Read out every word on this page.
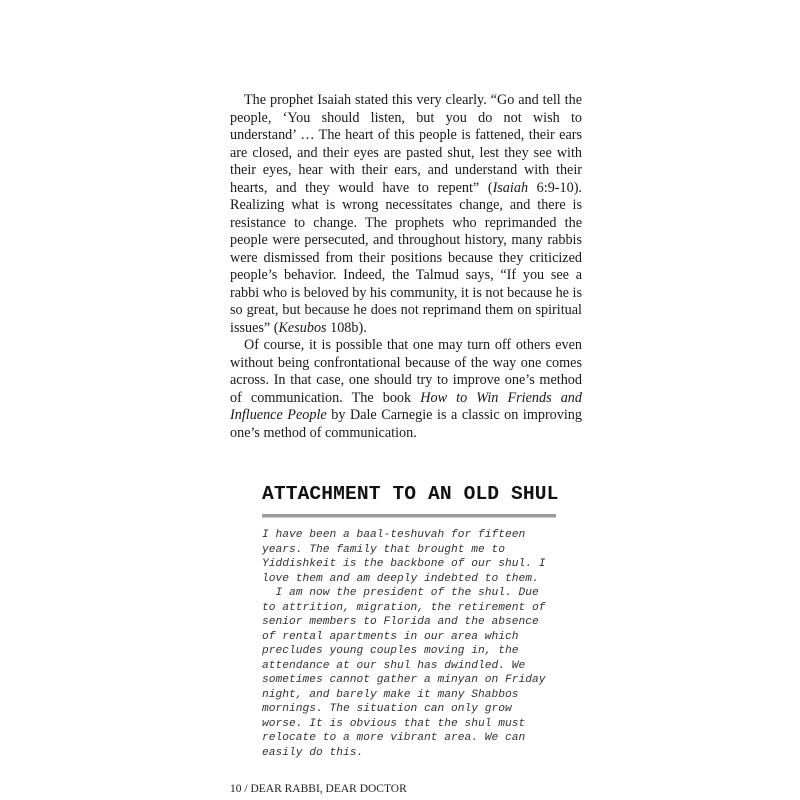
The prophet Isaiah stated this very clearly. “Go and tell the people, ‘You should listen, but you do not wish to understand’ … The heart of this people is fattened, their ears are closed, and their eyes are pasted shut, lest they see with their eyes, hear with their ears, and understand with their hearts, and they would have to repent” (Isaiah 6:9-10). Realizing what is wrong necessitates change, and there is resistance to change. The prophets who reprimanded the people were persecuted, and throughout history, many rabbis were dismissed from their positions because they criticized people’s behavior. Indeed, the Talmud says, “If you see a rabbi who is beloved by his community, it is not because he is so great, but because he does not reprimand them on spiritual issues” (Kesubos 108b).

Of course, it is possible that one may turn off others even without being confrontational because of the way one comes across. In that case, one should try to improve one’s method of communication. The book How to Win Friends and Influence People by Dale Carnegie is a classic on improving one’s method of communication.

ATTACHMENT TO AN OLD SHUL
I have been a baal-teshuvah for fifteen
years. The family that brought me to
Yiddishkeit is the backbone of our shul. I
love them and am deeply indebted to them.
I am now the president of the shul. Due
to attrition, migration, the retirement of
senior members to Florida and the absence
of rental apartments in our area which
precludes young couples moving in, the
attendance at our shul has dwindled. We
sometimes cannot gather a minyan on Friday
night, and barely make it many Shabbos
mornings. The situation can only grow
worse. It is obvious that the shul must
relocate to a more vibrant area. We can
easily do this.
10 / DEAR RABBI, DEAR DOCTOR
